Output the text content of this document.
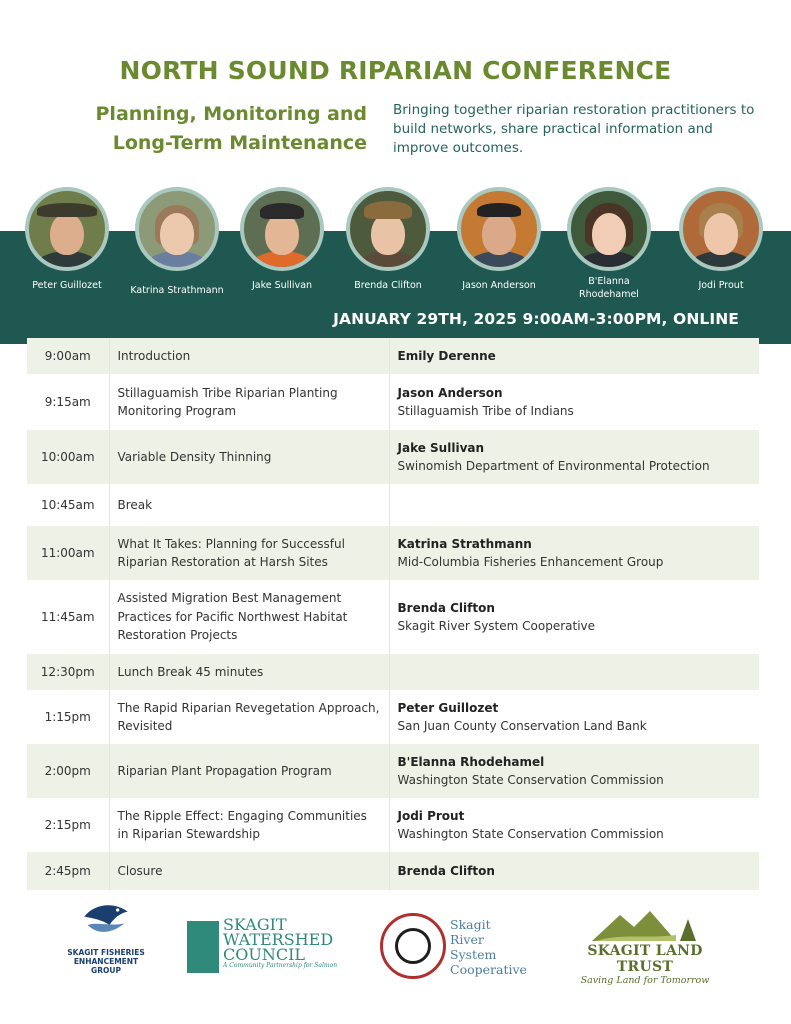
NORTH SOUND RIPARIAN CONFERENCE
Planning, Monitoring and
Long-Term Maintenance
Bringing together riparian restoration practitioners to build networks, share practical information and improve outcomes.
Peter Guillozet	Katrina Strathmann	Jake Sullivan	Brenda Clifton	Jason Anderson	B'Elanna
Rhodehamel
Jodi Prout
JANUARY 29TH, 2025 9:00AM-3:00PM, ONLINE
9:00am	Introduction	Emily Derenne

9:15am	Stillaguamish Tribe Riparian Planting Monitoring Program	Jason Anderson
Stillaguamish Tribe of Indians

10:00am	Variable Density Thinning	Jake Sullivan
Swinomish Department of Environmental Protection

10:45am	Break	
11:00am	What It Takes: Planning for Successful Riparian Restoration at Harsh Sites	Katrina Strathmann
Mid-Columbia Fisheries Enhancement Group

11:45am	Assisted Migration Best Management Practices for Pacific Northwest Habitat Restoration Projects	Brenda Clifton
Skagit River System Cooperative

12:30pm	Lunch Break 45 minutes	
1:15pm	The Rapid Riparian Revegetation Approach, Revisited	Peter Guillozet
San Juan County Conservation Land Bank

2:00pm	Riparian Plant Propagation Program	B'Elanna Rhodehamel
Washington State Conservation Commission

2:15pm	The Ripple Effect: Engaging Communities in Riparian Stewardship	Jodi Prout
Washington State Conservation Commission

2:45pm	Closure	Brenda Clifton
SKAGIT FISHERIES ENHANCEMENT GROUP
SKAGIT
WATERSHED
COUNCIL
A Community Partnership for Salmon
Skagit
River
System
Cooperative
SKAGIT LAND TRUST
Saving Land for Tomorrow
